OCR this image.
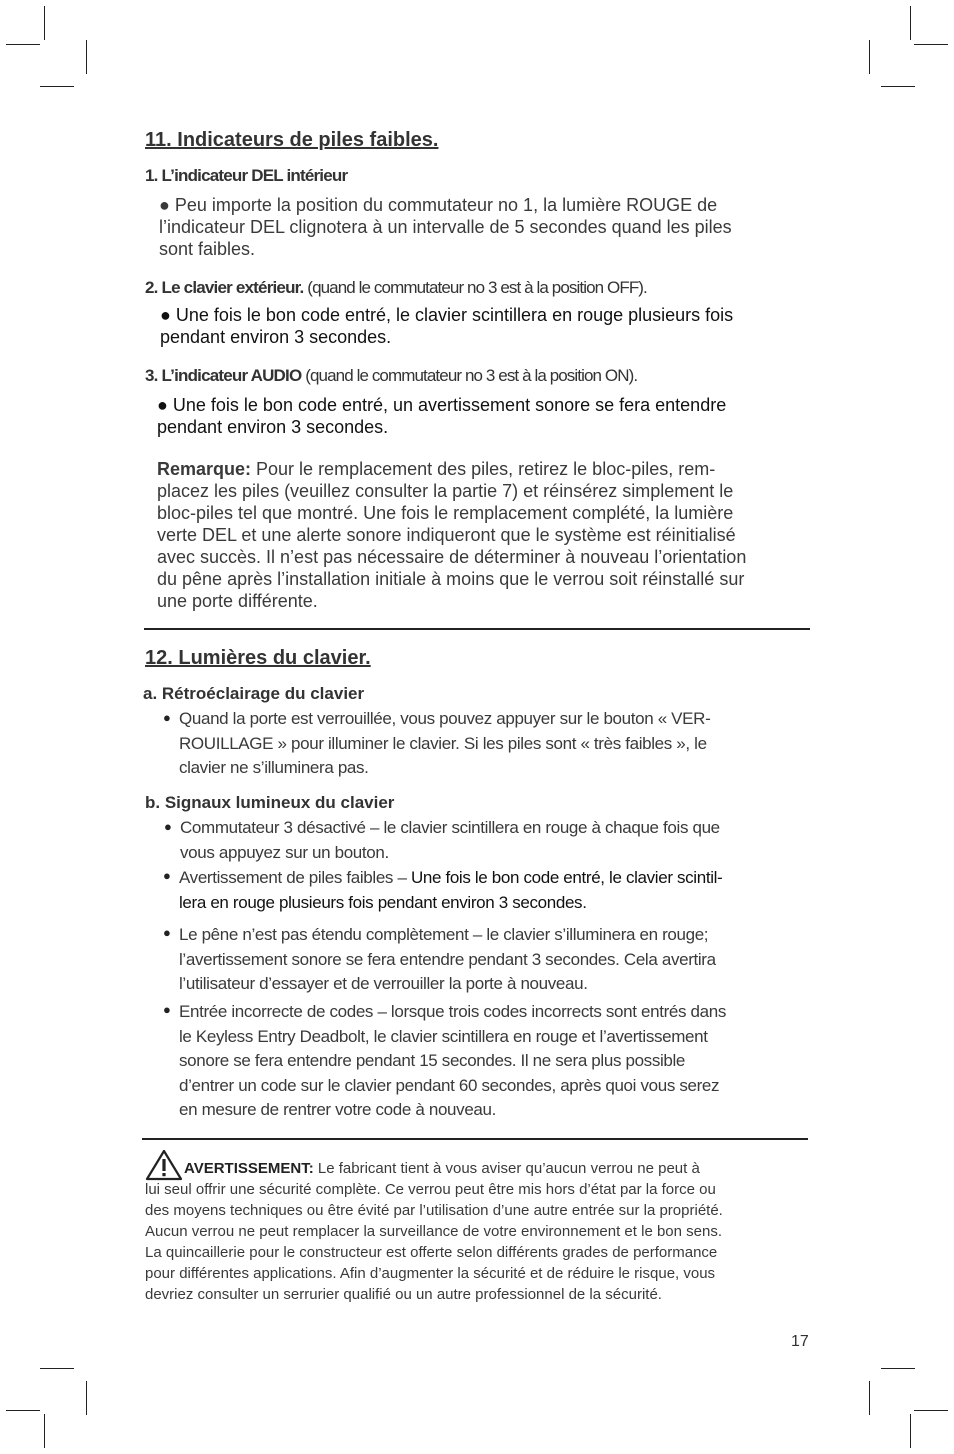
11. Indicateurs de piles faibles.
1. L’indicateur DEL intérieur
● Peu importe la position du commutateur no 1, la lumière ROUGE de
l’indicateur DEL clignotera à un intervalle de 5 secondes quand les piles
sont faibles.
2. Le clavier extérieur. (quand le commutateur no 3 est à la position OFF).
● Une fois le bon code entré, le clavier scintillera en rouge plusieurs fois
pendant environ 3 secondes.
3. L’indicateur AUDIO (quand le commutateur no 3 est à la position ON).
● Une fois le bon code entré, un avertissement sonore se fera entendre
pendant environ 3 secondes.
Remarque: Pour le remplacement des piles, retirez le bloc-piles, rem-
placez les piles (veuillez consulter la partie 7) et réinsérez simplement le
bloc-piles tel que montré. Une fois le remplacement complété, la lumière
verte DEL et une alerte sonore indiqueront que le système est réinitialisé
avec succès. Il n’est pas nécessaire de déterminer à nouveau l’orientation
du pêne après l’installation initiale à moins que le verrou soit réinstallé sur
une porte différente.
12. Lumières du clavier.
a. Rétroéclairage du clavier
● Quand la porte est verrouillée, vous pouvez appuyer sur le bouton « VER-
ROUILLAGE » pour illuminer le clavier. Si les piles sont « très faibles », le
clavier ne s’illuminera pas.
b. Signaux lumineux du clavier
● Commutateur 3 désactivé – le clavier scintillera en rouge à chaque fois que
vous appuyez sur un bouton.
● Avertissement de piles faibles – Une fois le bon code entré, le clavier scintil-
lera en rouge plusieurs fois pendant environ 3 secondes.
● Le pêne n’est pas étendu complètement – le clavier s’illuminera en rouge;
l’avertissement sonore se fera entendre pendant 3 secondes. Cela avertira
l’utilisateur d’essayer et de verrouiller la porte à nouveau.
● Entrée incorrecte de codes – lorsque trois codes incorrects sont entrés dans
le Keyless Entry Deadbolt, le clavier scintillera en rouge et l’avertissement
sonore se fera entendre pendant 15 secondes. Il ne sera plus possible
d’entrer un code sur le clavier pendant 60 secondes, après quoi vous serez
en mesure de rentrer votre code à nouveau.
AVERTISSEMENT: Le fabricant tient à vous aviser qu’aucun verrou ne peut à
lui seul offrir une sécurité complète. Ce verrou peut être mis hors d’état par la force ou
des moyens techniques ou être évité par l’utilisation d’une autre entrée sur la propriété.
Aucun verrou ne peut remplacer la surveillance de votre environnement et le bon sens.
La quincaillerie pour le constructeur est offerte selon différents grades de performance
pour différentes applications. Afin d’augmenter la sécurité et de réduire le risque, vous
devriez consulter un serrurier qualifié ou un autre professionnel de la sécurité.
17
